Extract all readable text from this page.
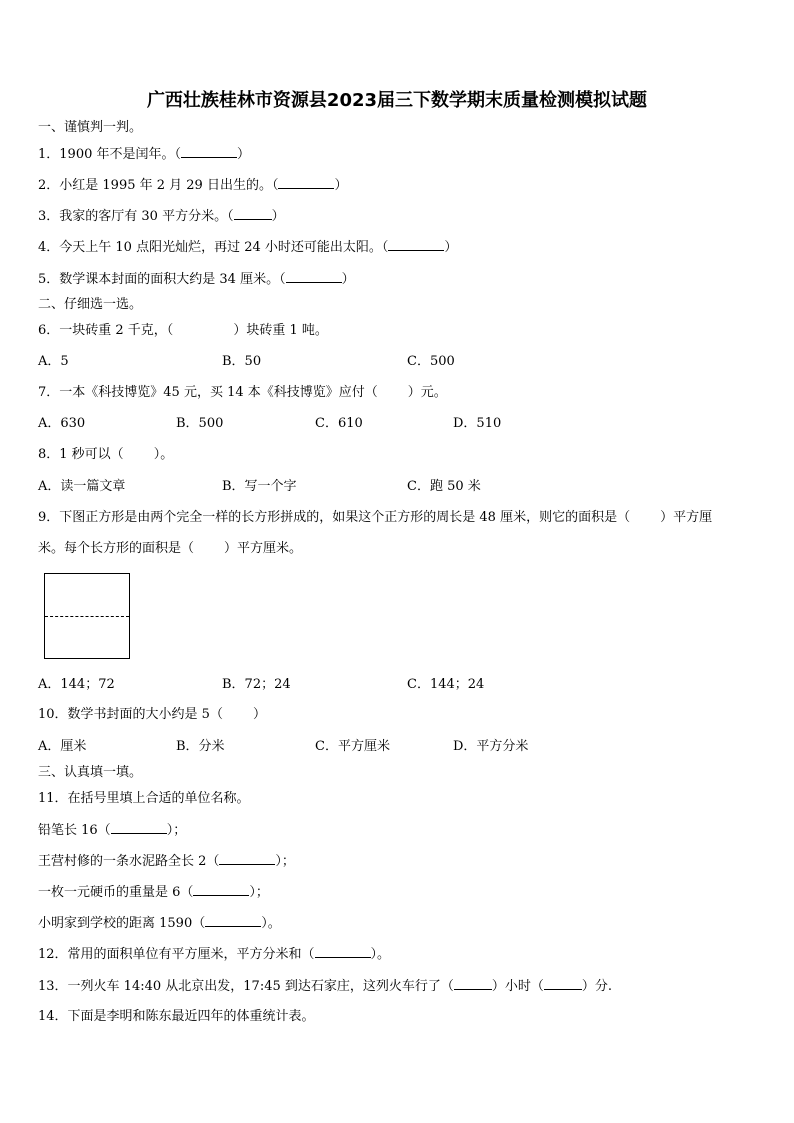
广西壮族桂林市资源县2023届三下数学期末质量检测模拟试题
一、谨慎判一判。
1．1900 年不是闰年。（	）
2．小红是 1995 年 2 月 29 日出生的。（	）
3．我家的客厅有 30 平方分米。（	）
4．今天上午 10 点阳光灿烂，再过 24 小时还可能出太阳。（	）
5．数学课本封面的面积大约是 34 厘米。（	）
二、仔细选一选。
6．一块砖重 2 千克，（	）块砖重 1 吨。
A．5	B．50	C．500
7．一本《科技博览》45 元，买 14 本《科技博览》应付（ ）元。
A．630	B．500	C．610	D．510
8．1 秒可以（ ）。
A．读一篇文章	B．写一个字	C．跑 50 米
9．下图正方形是由两个完全一样的长方形拼成的，如果这个正方形的周长是 48 厘米，则它的面积是（ ）平方厘
米。每个长方形的面积是（ ）平方厘米。
A．144；72	B．72；24	C．144；24
10．数学书封面的大小约是 5（ ）
A．厘米	B．分米	C．平方厘米	D．平方分米
三、认真填一填。
11．在括号里填上合适的单位名称。
铅笔长 16（	）；
王营村修的一条水泥路全长 2（	）；
一枚一元硬币的重量是 6（	）；
小明家到学校的距离 1590（	）。
12．常用的面积单位有平方厘米，平方分米和（	）。
13．一列火车 14:40 从北京出发，17:45 到达石家庄，这列火车行了（	）小时（	）分.
14．下面是李明和陈东最近四年的体重统计表。
